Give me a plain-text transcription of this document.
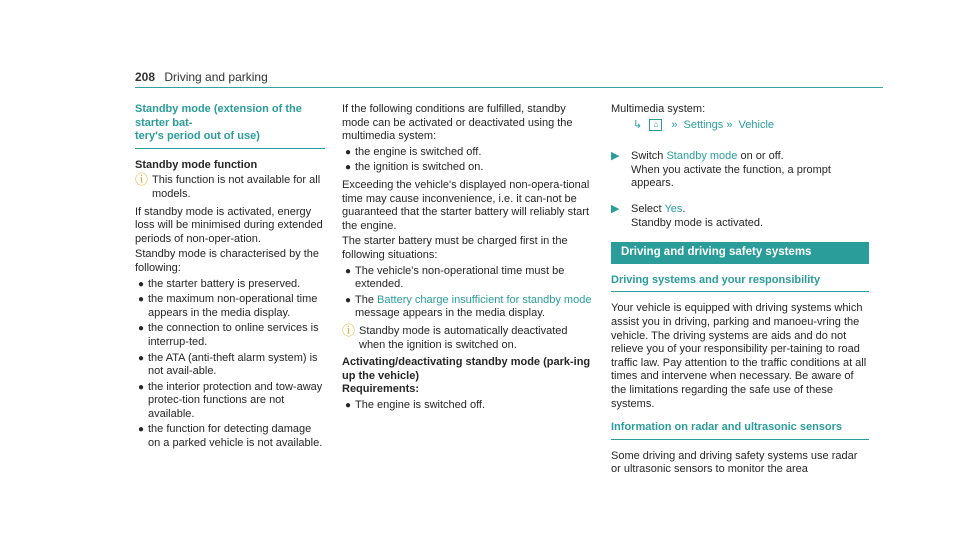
208 Driving and parking
Standby mode (extension of the starter bat-
tery's period out of use)

Standby mode function

ⓘ This function is not available for all models.

If standby mode is activated, energy loss will be minimised during extended periods of non-oper-ation.

Standby mode is characterised by the following:

● the starter battery is preserved.
● the maximum non-operational time appears in the media display.
● the connection to online services is interrup-ted.
● the ATA (anti-theft alarm system) is not avail-able.
● the interior protection and tow-away protec-tion functions are not available.
● the function for detecting damage on a parked vehicle is not available.

If the following conditions are fulfilled, standby mode can be activated or deactivated using the multimedia system:

● the engine is switched off.
● the ignition is switched on.

Exceeding the vehicle's displayed non-opera-tional time may cause inconvenience, i.e. it can-not be guaranteed that the starter battery will reliably start the engine.

The starter battery must be charged first in the following situations:

● The vehicle's non-operational time must be extended.
● The Battery charge insufficient for standby mode message appears in the media display.
ⓘ Standby mode is automatically deactivated when the ignition is switched on.

Activating/deactivating standby mode (park-ing up the vehicle)

Requirements:

● The engine is switched off.

Multimedia system:

↳ ⌂ » Settings » Vehicle
▶ Switch Standby mode on or off.
When you activate the function, a prompt appears.
▶ Select Yes.
Standby mode is activated.
Driving and driving safety systems
Driving systems and your responsibility

Your vehicle is equipped with driving systems which assist you in driving, parking and manoeu-vring the vehicle. The driving systems are aids and do not relieve you of your responsibility per-taining to road traffic law. Pay attention to the traffic conditions at all times and intervene when necessary. Be aware of the limitations regarding the safe use of these systems.

Information on radar and ultrasonic sensors

Some driving and driving safety systems use radar or ultrasonic sensors to monitor the area
